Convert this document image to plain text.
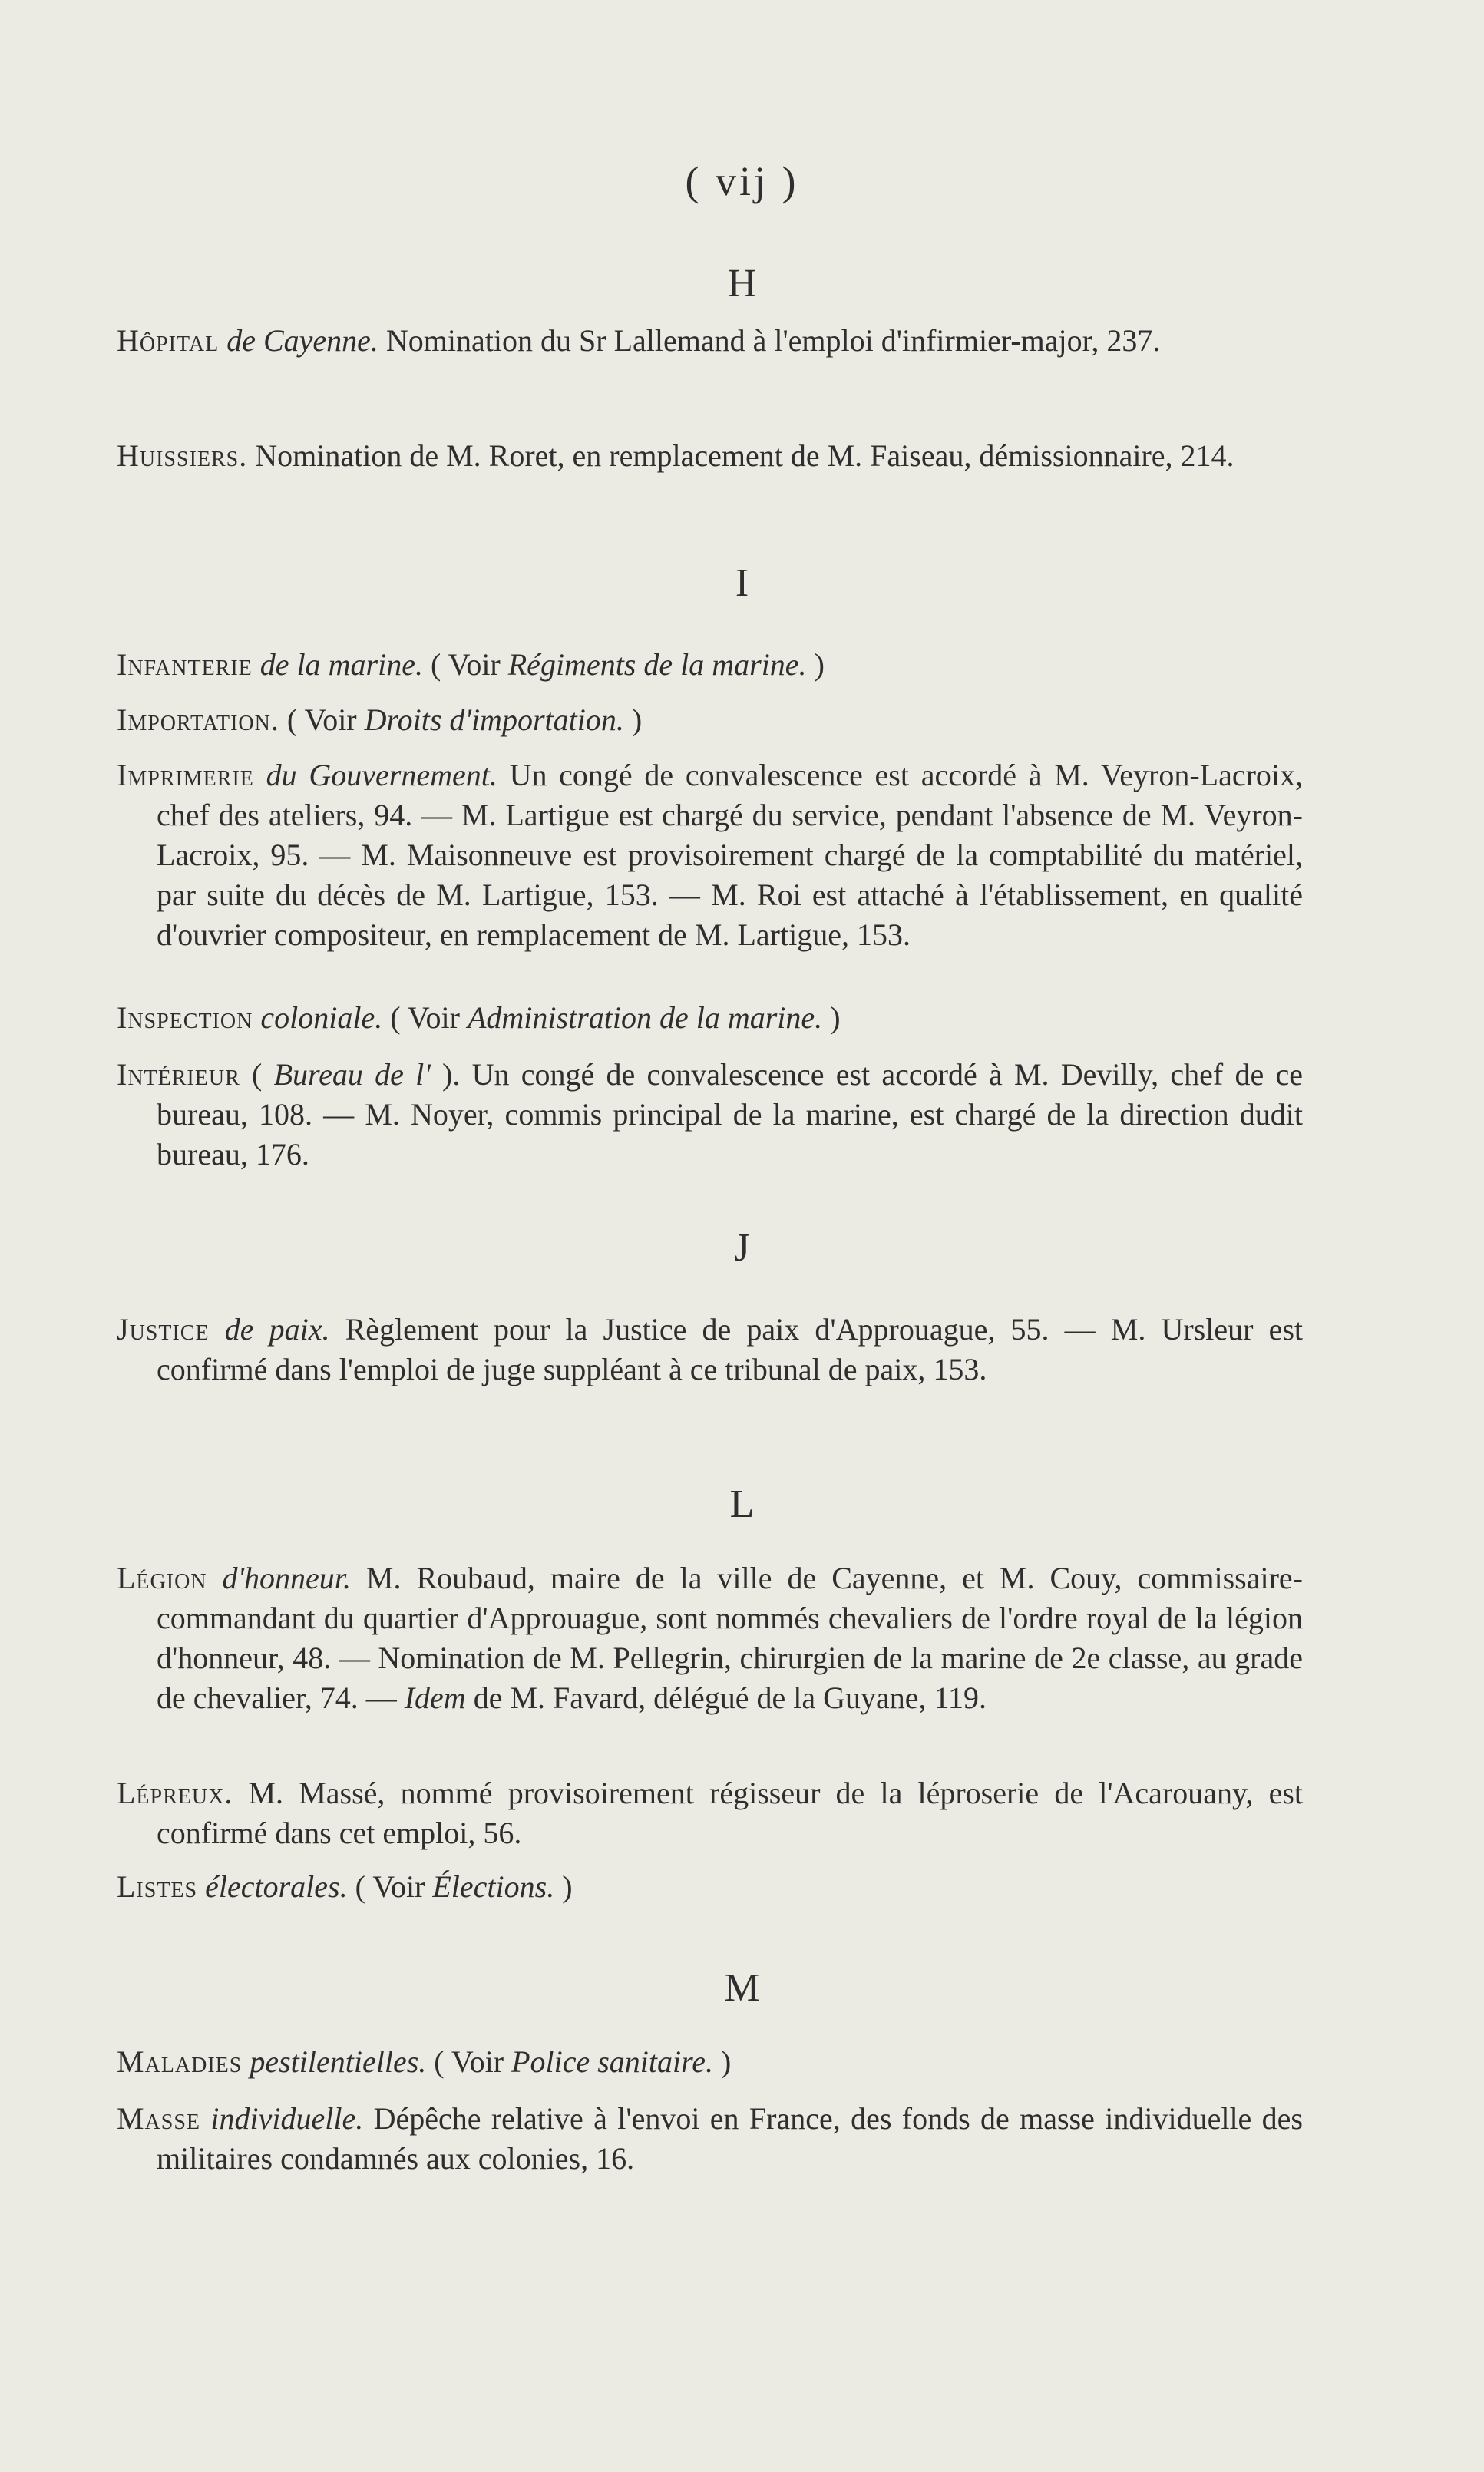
( vij )
H

Hôpital de Cayenne. Nomination du Sr Lallemand à l'emploi d'infirmier-major, 237.

Huissiers. Nomination de M. Roret, en remplacement de M. Faiseau, démissionnaire, 214.

I

Infanterie de la marine. ( Voir Régiments de la marine. )

Importation. ( Voir Droits d'importation. )

Imprimerie du Gouvernement. Un congé de convalescence est accordé à M. Veyron-Lacroix, chef des ateliers, 94. — M. Lartigue est chargé du service, pendant l'absence de M. Veyron-Lacroix, 95. — M. Maisonneuve est provisoirement chargé de la comptabilité du matériel, par suite du décès de M. Lartigue, 153. — M. Roi est attaché à l'établissement, en qualité d'ouvrier compositeur, en remplacement de M. Lartigue, 153.

Inspection coloniale. ( Voir Administration de la marine. )

Intérieur ( Bureau de l' ). Un congé de convalescence est accordé à M. Devilly, chef de ce bureau, 108. — M. Noyer, commis principal de la marine, est chargé de la direction dudit bureau, 176.

J

Justice de paix. Règlement pour la Justice de paix d'Approuague, 55. — M. Ursleur est confirmé dans l'emploi de juge suppléant à ce tribunal de paix, 153.

L

Légion d'honneur. M. Roubaud, maire de la ville de Cayenne, et M. Couy, commissaire-commandant du quartier d'Approuague, sont nommés chevaliers de l'ordre royal de la légion d'honneur, 48. — Nomination de M. Pellegrin, chirurgien de la marine de 2e classe, au grade de chevalier, 74. — Idem de M. Favard, délégué de la Guyane, 119.

Lépreux. M. Massé, nommé provisoirement régisseur de la léproserie de l'Acarouany, est confirmé dans cet emploi, 56.

Listes électorales. ( Voir Élections. )

M

Maladies pestilentielles. ( Voir Police sanitaire. )

Masse individuelle. Dépêche relative à l'envoi en France, des fonds de masse individuelle des militaires condamnés aux colonies, 16.
